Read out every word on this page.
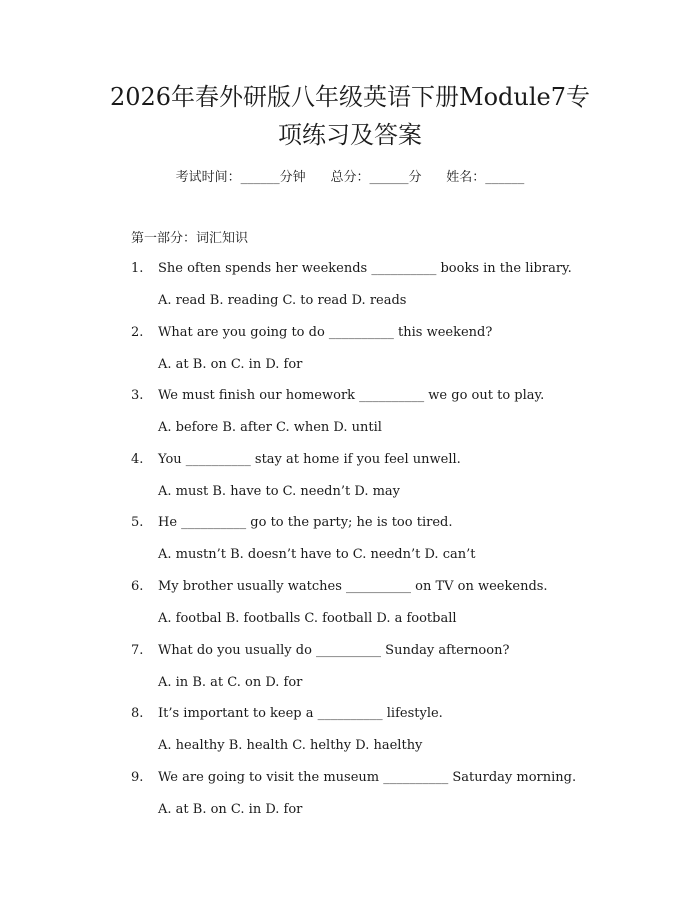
2026年春外研版八年级英语下册Module7专
项练习及答案
考试时间：______分钟 总分：______分 姓名：______
第一部分：词汇知识
1. She often spends her weekends __________ books in the library.
A. read B. reading C. to read D. reads
2. What are you going to do __________ this weekend?
A. at B. on C. in D. for
3. We must finish our homework __________ we go out to play.
A. before B. after C. when D. until
4. You __________ stay at home if you feel unwell.
A. must B. have to C. needn’t D. may
5. He __________ go to the party; he is too tired.
A. mustn’t B. doesn’t have to C. needn’t D. can’t
6. My brother usually watches __________ on TV on weekends.
A. footbal B. footballs C. football D. a football
7. What do you usually do __________ Sunday afternoon?
A. in B. at C. on D. for
8. It’s important to keep a __________ lifestyle.
A. healthy B. health C. helthy D. haelthy
9. We are going to visit the museum __________ Saturday morning.
A. at B. on C. in D. for
